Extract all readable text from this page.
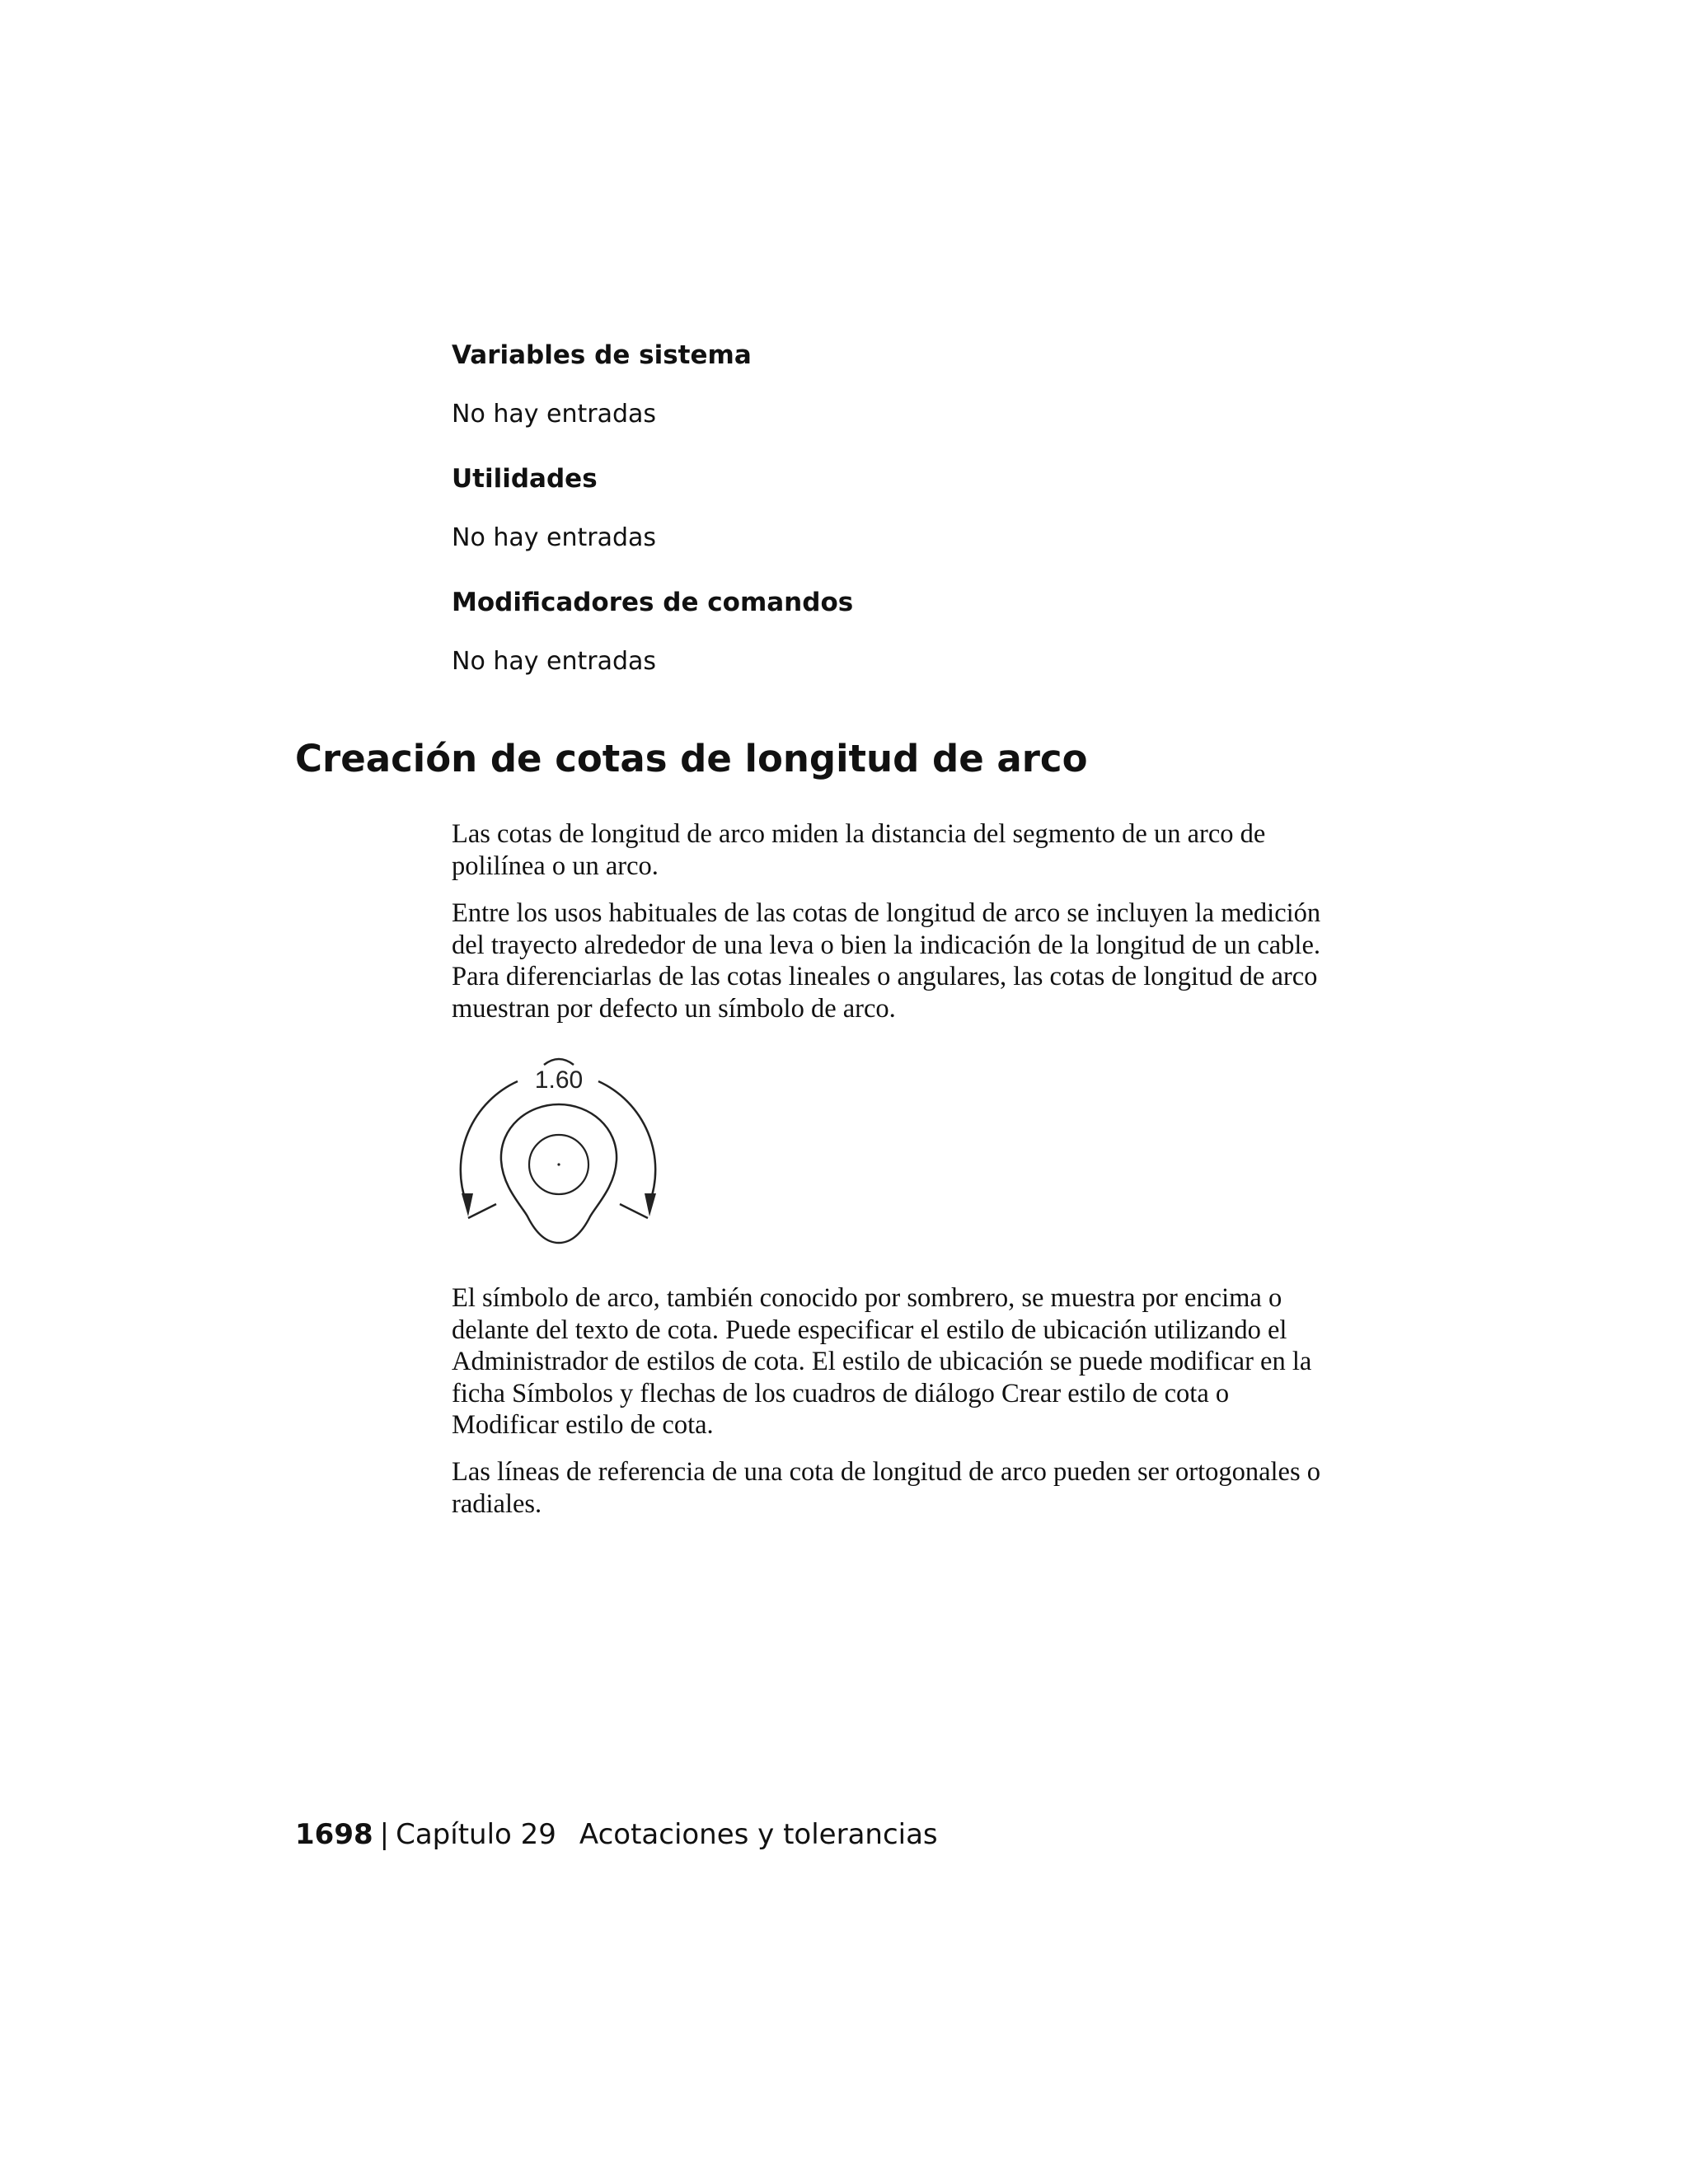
Variables de sistema

No hay entradas

Utilidades

No hay entradas

Modificadores de comandos

No hay entradas

Creación de cotas de longitud de arco

Las cotas de longitud de arco miden la distancia del segmento de un arco de polilínea o un arco.

Entre los usos habituales de las cotas de longitud de arco se incluyen la medición del trayecto alrededor de una leva o bien la indicación de la longitud de un cable. Para diferenciarlas de las cotas lineales o angulares, las cotas de longitud de arco muestran por defecto un símbolo de arco.

1.60

El símbolo de arco, también conocido por sombrero, se muestra por encima o delante del texto de cota. Puede especificar el estilo de ubicación utilizando el Administrador de estilos de cota. El estilo de ubicación se puede modificar en la ficha Símbolos y flechas de los cuadros de diálogo Crear estilo de cota o Modificar estilo de cota.

Las líneas de referencia de una cota de longitud de arco pueden ser ortogonales o radiales.

1698 | Capítulo 29 Acotaciones y tolerancias
